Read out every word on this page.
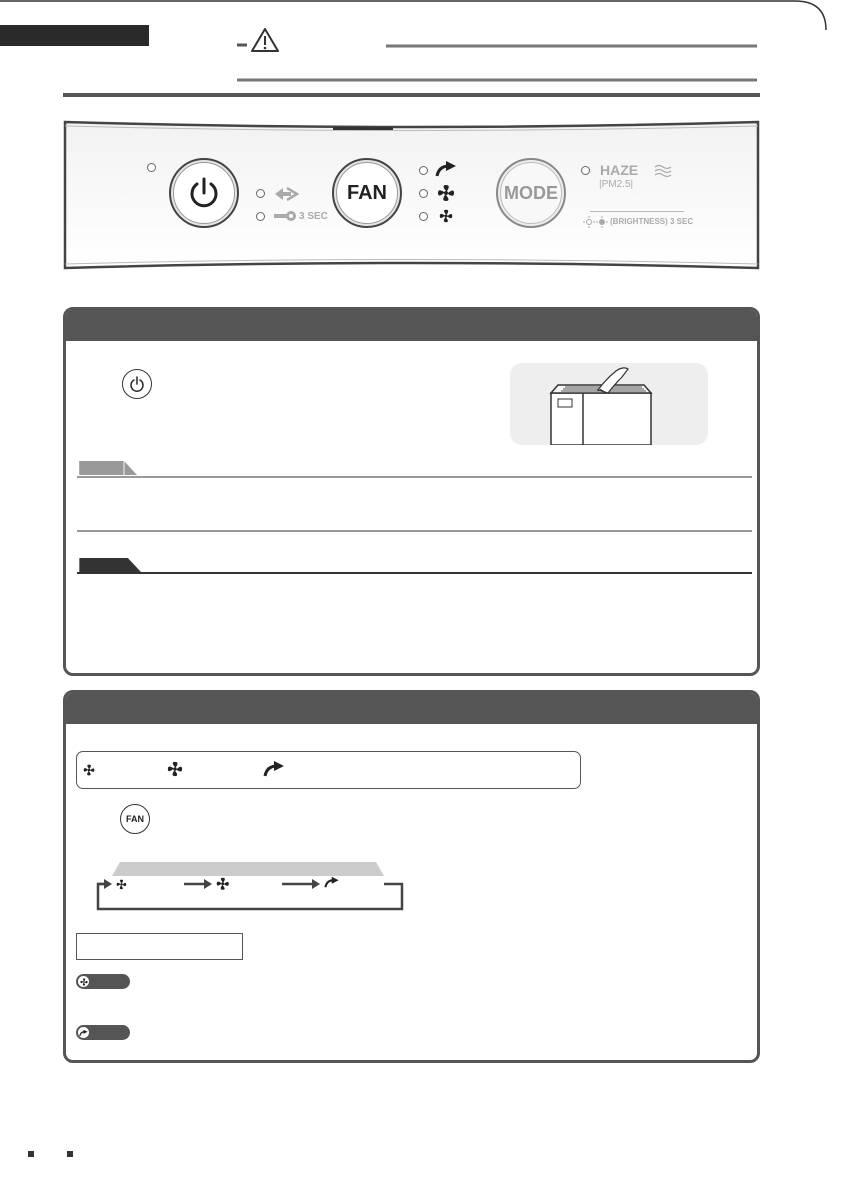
3 SEC
FAN	MODE
HAZE
|PM2.5|
(BRIGHTNESS) 3 SEC
FAN
